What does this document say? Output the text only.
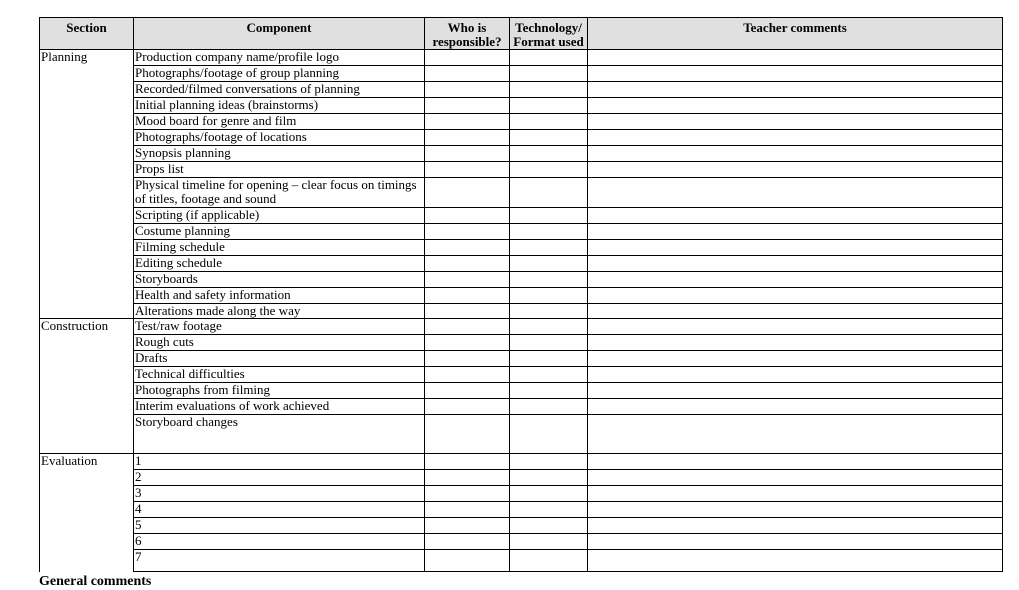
Section	Component	Who is responsible?	Technology/ Format used	Teacher comments
Planning	Production company name/profile logo			
	Photographs/footage of group planning			
	Recorded/filmed conversations of planning			
	Initial planning ideas (brainstorms)			
	Mood board for genre and film			
	Photographs/footage of locations			
	Synopsis planning			
	Props list			
	Physical timeline for opening – clear focus on timings of titles, footage and sound			
	Scripting (if applicable)			
	Costume planning			
	Filming schedule			
	Editing schedule			
	Storyboards			
	Health and safety information			
	Alterations made along the way			
Construction	Test/raw footage			
	Rough cuts			
	Drafts			
	Technical difficulties			
	Photographs from filming			
	Interim evaluations of work achieved			
	Storyboard changes			
Evaluation	1			
	2			
	3			
	4			
	5			
	6			
	7			
General comments
